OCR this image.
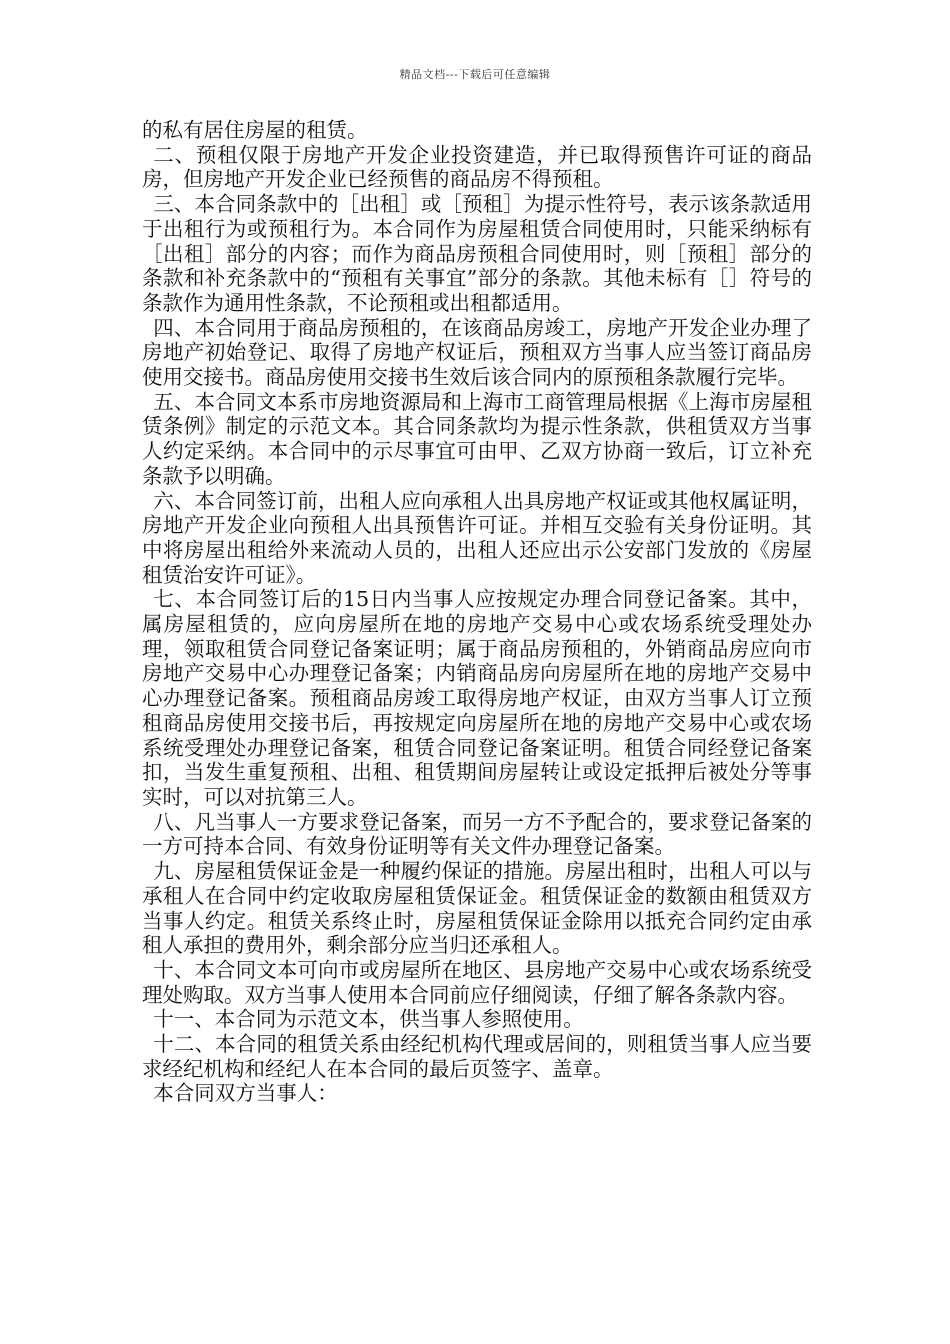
精品文档---下载后可任意编辑

的私有居住房屋的租赁。

二、预租仅限于房地产开发企业投资建造，并已取得预售许可证的商品房，但房地产开发企业已经预售的商品房不得预租。

三、本合同条款中的［出租］或［预租］为提示性符号，表示该条款适用于出租行为或预租行为。本合同作为房屋租赁合同使用时，只能采纳标有［出租］部分的内容；而作为商品房预租合同使用时，则［预租］部分的条款和补充条款中的“预租有关事宜”部分的条款。其他未标有［］符号的条款作为通用性条款，不论预租或出租都适用。

四、本合同用于商品房预租的，在该商品房竣工，房地产开发企业办理了房地产初始登记、取得了房地产权证后，预租双方当事人应当签订商品房使用交接书。商品房使用交接书生效后该合同内的原预租条款履行完毕。

五、本合同文本系市房地资源局和上海市工商管理局根据《上海市房屋租赁条例》制定的示范文本。其合同条款均为提示性条款，供租赁双方当事人约定采纳。本合同中的示尽事宜可由甲、乙双方协商一致后，订立补充条款予以明确。

六、本合同签订前，出租人应向承租人出具房地产权证或其他权属证明，房地产开发企业向预租人出具预售许可证。并相互交验有关身份证明。其中将房屋出租给外来流动人员的，出租人还应出示公安部门发放的《房屋租赁治安许可证》。

七、本合同签订后的15日内当事人应按规定办理合同登记备案。其中，属房屋租赁的，应向房屋所在地的房地产交易中心或农场系统受理处办理，领取租赁合同登记备案证明；属于商品房预租的，外销商品房应向市房地产交易中心办理登记备案；内销商品房向房屋所在地的房地产交易中心办理登记备案。预租商品房竣工取得房地产权证，由双方当事人订立预租商品房使用交接书后，再按规定向房屋所在地的房地产交易中心或农场系统受理处办理登记备案，租赁合同登记备案证明。租赁合同经登记备案扣，当发生重复预租、出租、租赁期间房屋转让或设定抵押后被处分等事实时，可以对抗第三人。

八、凡当事人一方要求登记备案，而另一方不予配合的，要求登记备案的一方可持本合同、有效身份证明等有关文件办理登记备案。

九、房屋租赁保证金是一种履约保证的措施。房屋出租时，出租人可以与承租人在合同中约定收取房屋租赁保证金。租赁保证金的数额由租赁双方当事人约定。租赁关系终止时，房屋租赁保证金除用以抵充合同约定由承租人承担的费用外，剩余部分应当归还承租人。

十、本合同文本可向市或房屋所在地区、县房地产交易中心或农场系统受理处购取。双方当事人使用本合同前应仔细阅读，仔细了解各条款内容。

十一、本合同为示范文本，供当事人参照使用。

十二、本合同的租赁关系由经纪机构代理或居间的，则租赁当事人应当要求经纪机构和经纪人在本合同的最后页签字、盖章。

本合同双方当事人：
